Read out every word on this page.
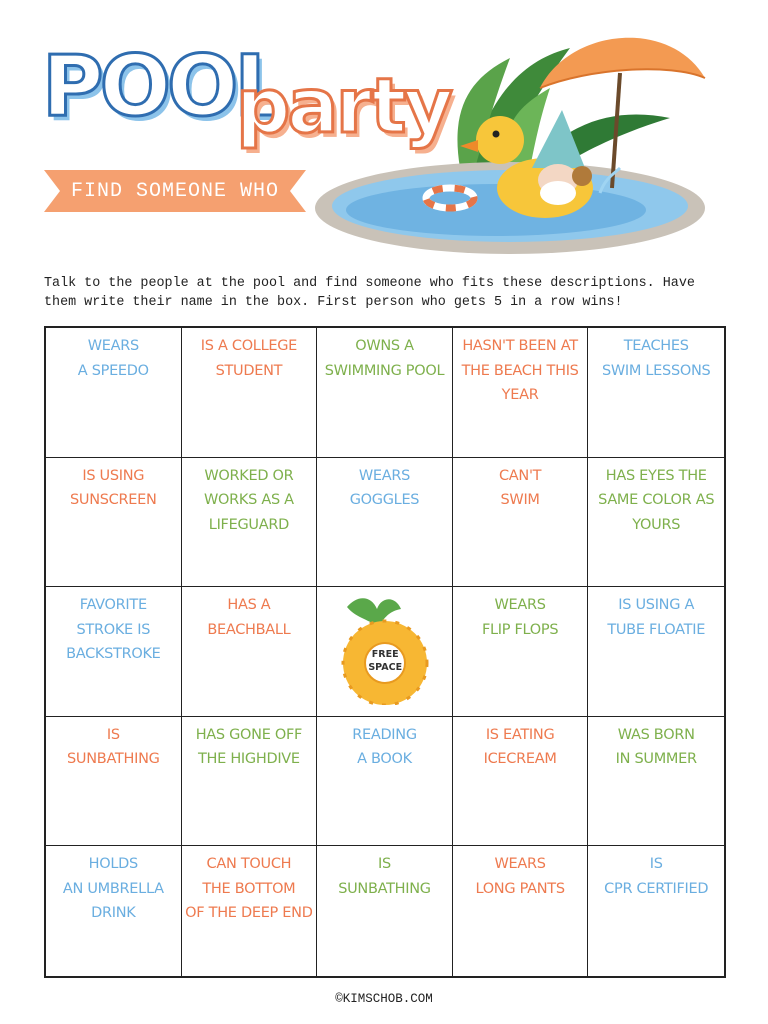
POOL
party
FIND SOMEONE WHO
Talk to the people at the pool and find someone who fits these descriptions. Have
them write their name in the box. First person who gets 5 in a row wins!
WEARS
A SPEEDO
IS A COLLEGE
STUDENT
OWNS A
SWIMMING POOL
HASN'T BEEN AT
THE BEACH THIS
YEAR
TEACHES
SWIM LESSONS
IS USING
SUNSCREEN
WORKED OR
WORKS AS A
LIFEGUARD
WEARS
GOGGLES
CAN'T
SWIM
HAS EYES THE
SAME COLOR AS
YOURS
FAVORITE
STROKE IS
BACKSTROKE
HAS A
BEACHBALL
FREE
SPACE
WEARS
FLIP FLOPS
IS USING A
TUBE FLOATIE
IS
SUNBATHING
HAS GONE OFF
THE HIGHDIVE
READING
A BOOK
IS EATING
ICECREAM
WAS BORN
IN SUMMER
HOLDS
AN UMBRELLA
DRINK
CAN TOUCH
THE BOTTOM
OF THE DEEP END
IS
SUNBATHING
WEARS
LONG PANTS
IS
CPR CERTIFIED
©KIMSCHOB.COM
